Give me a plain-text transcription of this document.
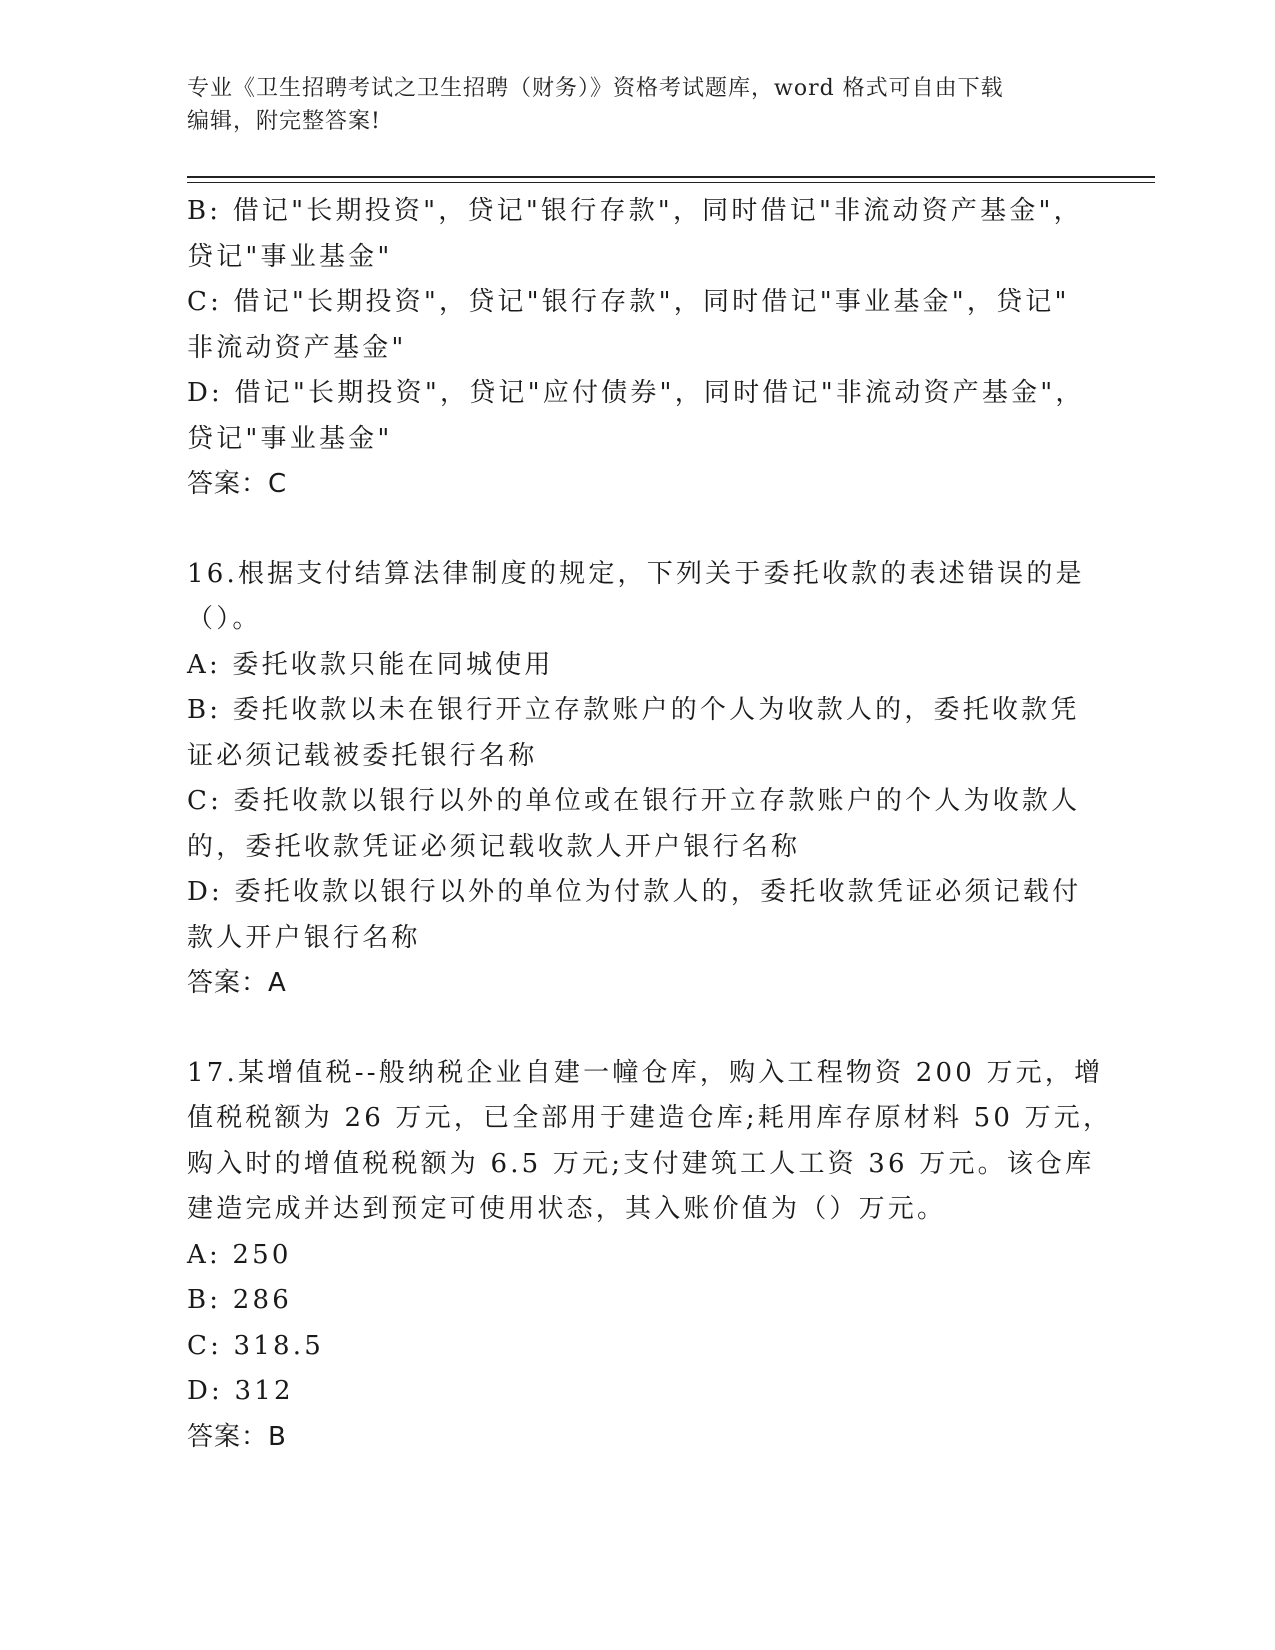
专业《卫生招聘考试之卫生招聘（财务）》资格考试题库，word 格式可自由下载
编辑，附完整答案!
B: 借记"长期投资"，贷记"银行存款"，同时借记"非流动资产基金"，
贷记"事业基金"
C: 借记"长期投资"，贷记"银行存款"，同时借记"事业基金"，贷记"
非流动资产基金"
D: 借记"长期投资"，贷记"应付债券"，同时借记"非流动资产基金"，
贷记"事业基金"
答案：C
16.根据支付结算法律制度的规定，下列关于委托收款的表述错误的是
（）。
A: 委托收款只能在同城使用
B: 委托收款以未在银行开立存款账户的个人为收款人的，委托收款凭
证必须记载被委托银行名称
C: 委托收款以银行以外的单位或在银行开立存款账户的个人为收款人
的，委托收款凭证必须记载收款人开户银行名称
D: 委托收款以银行以外的单位为付款人的，委托收款凭证必须记载付
款人开户银行名称
答案：A
17.某增值税--般纳税企业自建一幢仓库，购入工程物资 200 万元，增
值税税额为 26 万元，已全部用于建造仓库;耗用库存原材料 50 万元，
购入时的增值税税额为 6.5 万元;支付建筑工人工资 36 万元。该仓库
建造完成并达到预定可使用状态，其入账价值为（）万元。
A: 250
B: 286
C: 318.5
D: 312
答案：B
